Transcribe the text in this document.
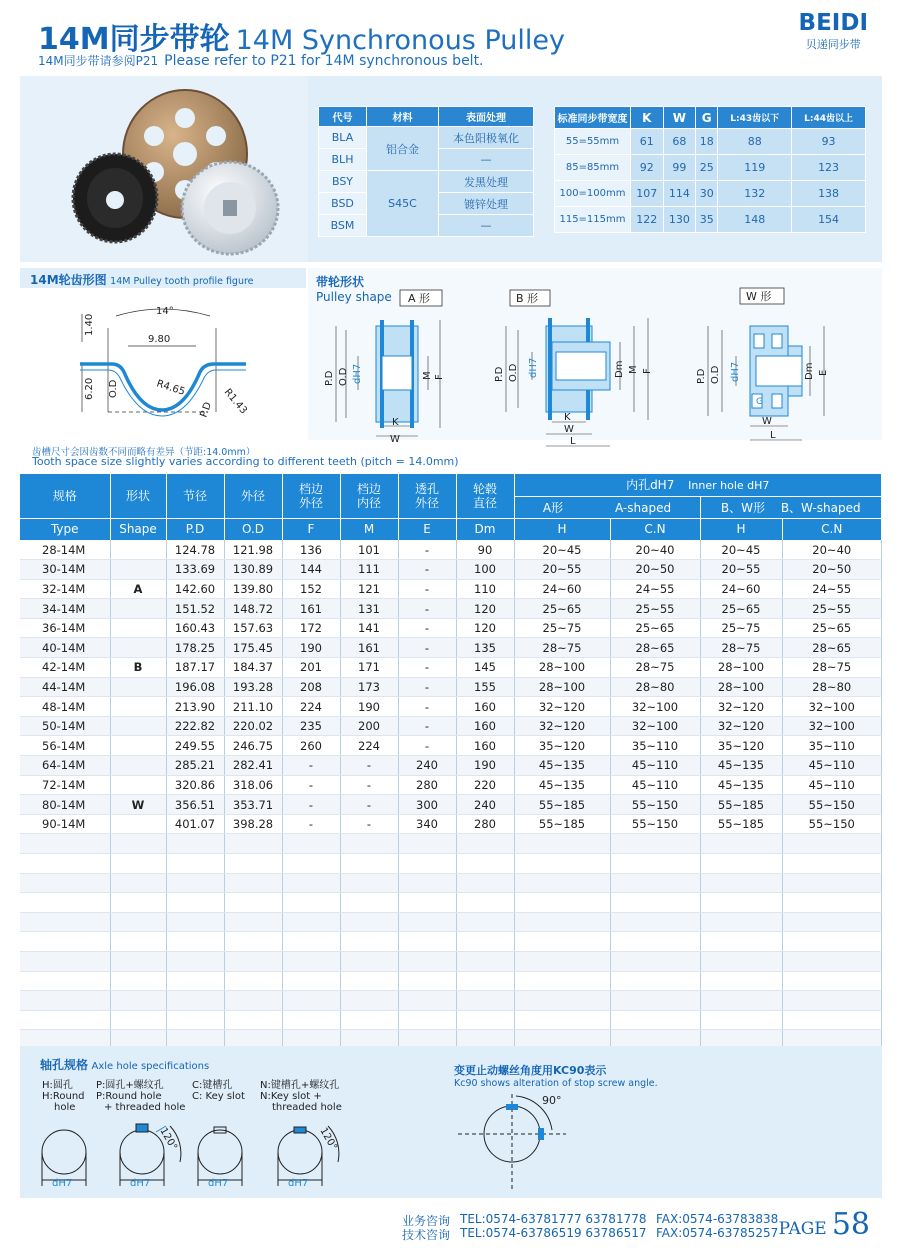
14M同步带轮 14M Synchronous Pulley
14M同步带请参阅P21 Please refer to P21 for 14M synchronous belt.
BEIDI
贝递同步带
代号	材料	表面处理
BLA	铝合金	本色阳极氧化
BLH		—
BSY	S45C	发黑处理
BSD		镀锌处理
BSM		—
标准同步带宽度	K	W	G	L:43齿以下	L:44齿以上
55=55mm	61	68	18	88	93
85=85mm	92	99	25	119	123
100=100mm	107	114	30	132	138
115=115mm	122	130	35	148	154
14M轮齿形图 14M Pulley tooth profile figure
14°
9.80
1.40
6.20 O.D	R4.65
P.D R1.43
齿槽尺寸会因齿数不同而略有差异（节距:14.0mm）
Tooth space size slightly varies according to different teeth (pitch = 14.0mm)
带轮形状
Pulley shape A 形
P.D O.D dH7	M F
K
W
B 形
P.D O.D dH7	Dm M F
K
W
L
W 形
P.D O.D dH7
G
Dm E
W
L
规格	形状	节径	外径	档边外径	档边内径	透孔外径	轮毂直径	内孔dH7 Inner hole dH7			
								A形 A-shaped		B、W形 B、W-shaped	
Type	Shape	P.D	O.D	F	M	E	Dm	H	C.N	H	C.N
28-14M		124.78	121.98	136	101	-	90	20~45	20~40	20~45	20~40
30-14M		133.69	130.89	144	111	-	100	20~55	20~50	20~55	20~50
32-14M	A	142.60	139.80	152	121	-	110	24~60	24~55	24~60	24~55
34-14M		151.52	148.72	161	131	-	120	25~65	25~55	25~65	25~55
36-14M		160.43	157.63	172	141	-	120	25~75	25~65	25~75	25~65
40-14M		178.25	175.45	190	161	-	135	28~75	28~65	28~75	28~65
42-14M	B	187.17	184.37	201	171	-	145	28~100	28~75	28~100	28~75
44-14M		196.08	193.28	208	173	-	155	28~100	28~80	28~100	28~80
48-14M		213.90	211.10	224	190	-	160	32~120	32~100	32~120	32~100
50-14M		222.82	220.02	235	200	-	160	32~120	32~100	32~120	32~100
56-14M		249.55	246.75	260	224	-	160	35~120	35~110	35~120	35~110
64-14M		285.21	282.41	-	-	240	190	45~135	45~110	45~135	45~110
72-14M		320.86	318.06	-	-	280	220	45~135	45~110	45~135	45~110
80-14M	W	356.51	353.71	-	-	300	240	55~185	55~150	55~185	55~150
90-14M		401.07	398.28	-	-	340	280	55~185	55~150	55~185	55~150

轴孔规格 Axle hole specifications
H:圆孔
H:Round
hole
P:圆孔+螺纹孔
P:Round hole
+ threaded hole
C:键槽孔
C: Key slot
N:键槽孔+螺纹孔
N:Key slot +
threaded hole
dH7	dH7	dH7	dH7
120°	120°
变更止动螺丝角度用KC90表示
Kc90 shows alteration of stop screw angle.
90°
业务咨询
技术咨询
TEL:0574-63781777 63781778
TEL:0574-63786519 63786517
FAX:0574-63783838
FAX:0574-63785257 PAGE 58
